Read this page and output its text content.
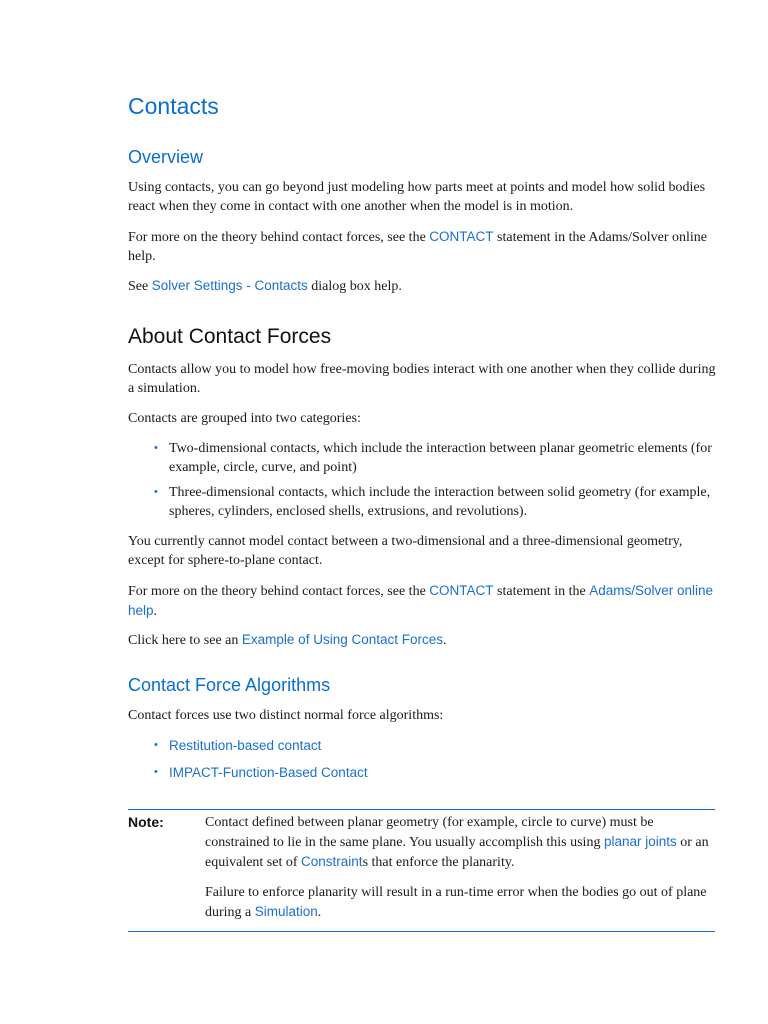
Contacts
Overview

Using contacts, you can go beyond just modeling how parts meet at points and model how solid bodies react when they come in contact with one another when the model is in motion.

For more on the theory behind contact forces, see the CONTACT statement in the Adams/Solver online help.

See Solver Settings - Contacts dialog box help.

About Contact Forces

Contacts allow you to model how free-moving bodies interact with one another when they collide during a simulation.

Contacts are grouped into two categories:

• Two-dimensional contacts, which include the interaction between planar geometric elements (for example, circle, curve, and point)
• Three-dimensional contacts, which include the interaction between solid geometry (for example, spheres, cylinders, enclosed shells, extrusions, and revolutions).

You currently cannot model contact between a two-dimensional and a three-dimensional geometry, except for sphere-to-plane contact.

For more on the theory behind contact forces, see the CONTACT statement in the Adams/Solver online help.

Click here to see an Example of Using Contact Forces.

Contact Force Algorithms

Contact forces use two distinct normal force algorithms:

• Restitution-based contact
• IMPACT-Function-Based Contact
Note:	Contact defined between planar geometry (for example, circle to curve) must be constrained to lie in the same plane. You usually accomplish this using planar joints or an equivalent set of Constraints that enforce the planarity.

Failure to enforce planarity will result in a run-time error when the bodies go out of plane during a Simulation.
